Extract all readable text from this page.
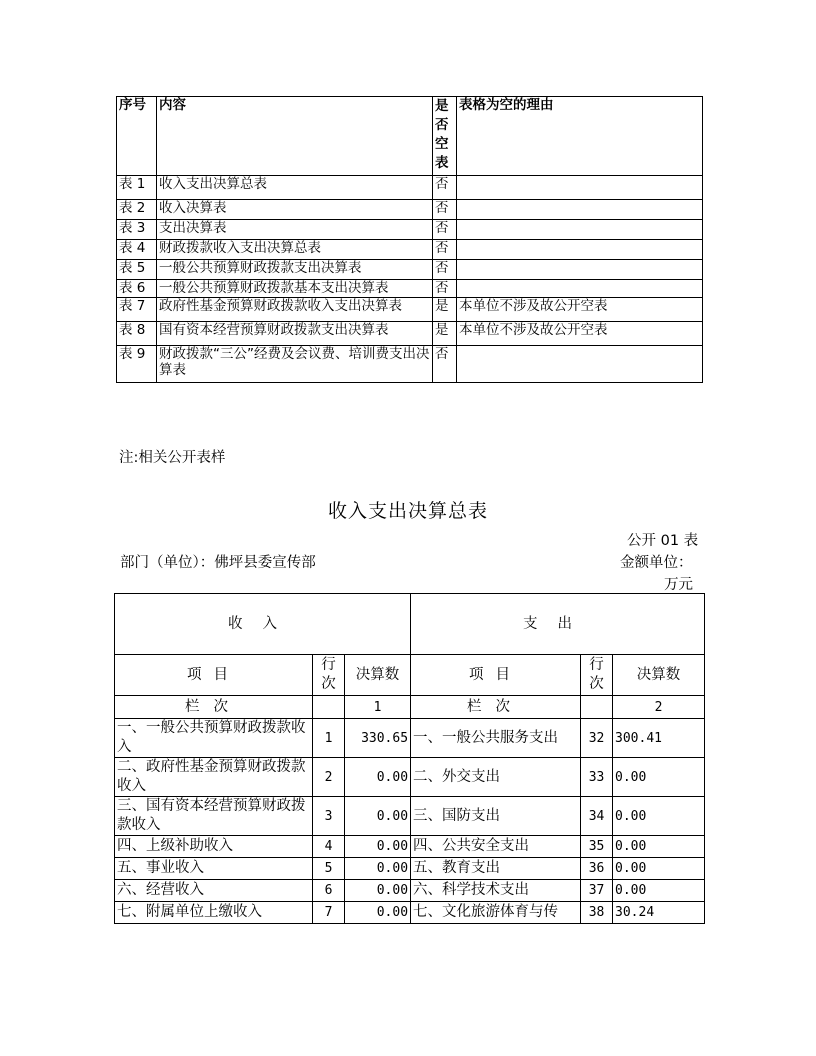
序号	内容	是否空表	表格为空的理由
表 1	收入支出决算总表	否	
表 2	收入决算表	否	
表 3	支出决算表	否	
表 4	财政拨款收入支出决算总表	否	
表 5	一般公共预算财政拨款支出决算表	否	
表 6	一般公共预算财政拨款基本支出决算表	否	
表 7	政府性基金预算财政拨款收入支出决算表	是	本单位不涉及故公开空表
表 8	国有资本经营预算财政拨款支出决算表	是	本单位不涉及故公开空表
表 9	财政拨款“三公”经费及会议费、培训费支出决算表	否	
注:相关公开表样
收入支出决算总表
公开 01 表
部门（单位）：佛坪县委宣传部	金额单位：
万元
收入			支出		
项目	行次	决算数	项目	行次	决算数
栏次		1	栏次		2
一、一般公共预算财政拨款收入	1	330.65	一、一般公共服务支出	32	300.41
二、政府性基金预算财政拨款收入	2	0.00	二、外交支出	33	0.00
三、国有资本经营预算财政拨款收入	3	0.00	三、国防支出	34	0.00
四、上级补助收入	4	0.00	四、公共安全支出	35	0.00
五、事业收入	5	0.00	五、教育支出	36	0.00
六、经营收入	6	0.00	六、科学技术支出	37	0.00
七、附属单位上缴收入	7	0.00	七、文化旅游体育与传	38	30.24
